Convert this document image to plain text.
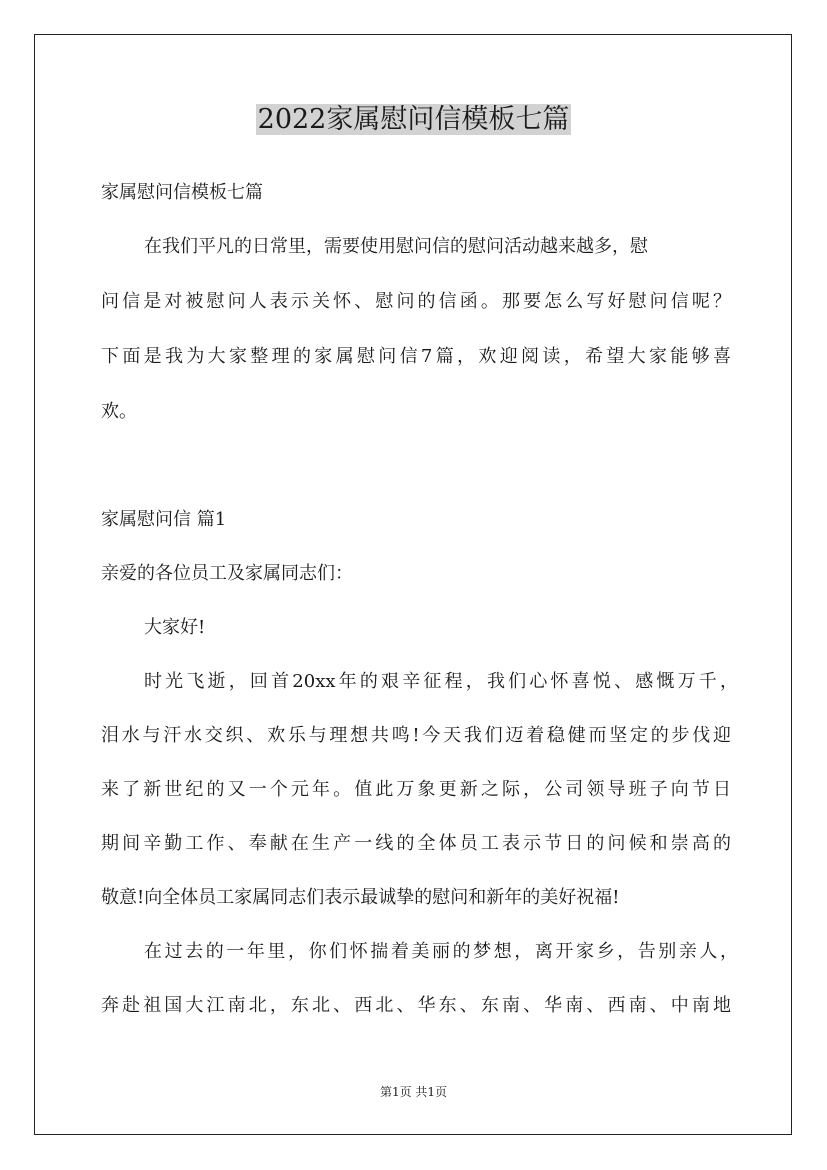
2022家属慰问信模板七篇
家属慰问信模板七篇
在我们平凡的日常里，需要使用慰问信的慰问活动越来越多，慰
问信是对被慰问人表示关怀、慰问的信函。那要怎么写好慰问信呢？
下面是我为大家整理的家属慰问信7篇，欢迎阅读，希望大家能够喜
欢。
家属慰问信 篇1
亲爱的各位员工及家属同志们：
大家好!
时光飞逝，回首20xx年的艰辛征程，我们心怀喜悦、感慨万千，
泪水与汗水交织、欢乐与理想共鸣!今天我们迈着稳健而坚定的步伐迎
来了新世纪的又一个元年。值此万象更新之际，公司领导班子向节日
期间辛勤工作、奉献在生产一线的全体员工表示节日的问候和崇高的
敬意!向全体员工家属同志们表示最诚挚的慰问和新年的美好祝福!
在过去的一年里，你们怀揣着美丽的梦想，离开家乡，告别亲人，
奔赴祖国大江南北，东北、西北、华东、东南、华南、西南、中南地
第1页 共1页
